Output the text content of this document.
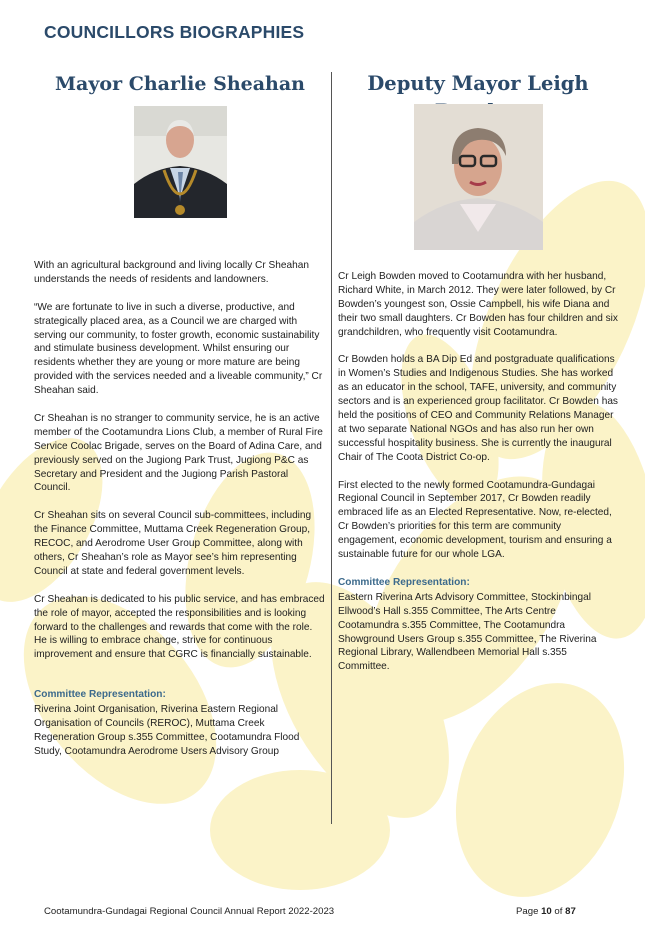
COUNCILLORS BIOGRAPHIES
Mayor Charlie Sheahan

With an agricultural background and living locally Cr Sheahan understands the needs of residents and landowners.

“We are fortunate to live in such a diverse, productive, and strategically placed area, as a Council we are charged with serving our community, to foster growth, economic sustainability and stimulate business development. Whilst ensuring our residents whether they are young or more mature are being provided with the services needed and a liveable community,” Cr Sheahan said.

Cr Sheahan is no stranger to community service, he is an active member of the Cootamundra Lions Club, a member of Rural Fire Service Coolac Brigade, serves on the Board of Adina Care, and previously served on the Jugiong Park Trust, Jugiong P&C as Secretary and President and the Jugiong Parish Pastoral Council.

Cr Sheahan sits on several Council sub-committees, including the Finance Committee, Muttama Creek Regeneration Group, RECOC, and Aerodrome User Group Committee, along with others, Cr Sheahan’s role as Mayor see’s him representing Council at state and federal government levels.

Cr Sheahan is dedicated to his public service, and has embraced the role of mayor, accepted the responsibilities and is looking forward to the challenges and rewards that come with the role. He is willing to embrace change, strive for continuous improvement and ensure that CGRC is financially sustainable.

Committee Representation:
Riverina Joint Organisation, Riverina Eastern Regional Organisation of Councils (REROC), Muttama Creek Regeneration Group s.355 Committee, Cootamundra Flood Study, Cootamundra Aerodrome Users Advisory Group
Deputy Mayor Leigh

Cr Leigh Bowden moved to Cootamundra with her husband, Richard White, in March 2012. They were later followed, by Cr Bowden’s youngest son, Ossie Campbell, his wife Diana and their two small daughters. Cr Bowden has four children and six grandchildren, who frequently visit Cootamundra.

Cr Bowden holds a BA Dip Ed and postgraduate qualifications in Women’s Studies and Indigenous Studies. She has worked as an educator in the school, TAFE, university, and community sectors and is an experienced group facilitator. Cr Bowden has held the positions of CEO and Community Relations Manager at two separate National NGOs and has also run her own successful hospitality business. She is currently the inaugural Chair of The Coota District Co-op.

First elected to the newly formed Cootamundra-Gundagai Regional Council in September 2017, Cr Bowden readily embraced life as an Elected Representative. Now, re-elected, Cr Bowden’s priorities for this term are community engagement, economic development, tourism and ensuring a sustainable future for our whole LGA.

Committee Representation:
Eastern Riverina Arts Advisory Committee, Stockinbingal Ellwood’s Hall s.355 Committee, The Arts Centre Cootamundra s.355 Committee, The Cootamundra Showground Users Group s.355 Committee, The Riverina Regional Library, Wallendbeen Memorial Hall s.355 Committee.
Cootamundra-Gundagai Regional Council Annual Report 2022-2023	Page 10 of 87
